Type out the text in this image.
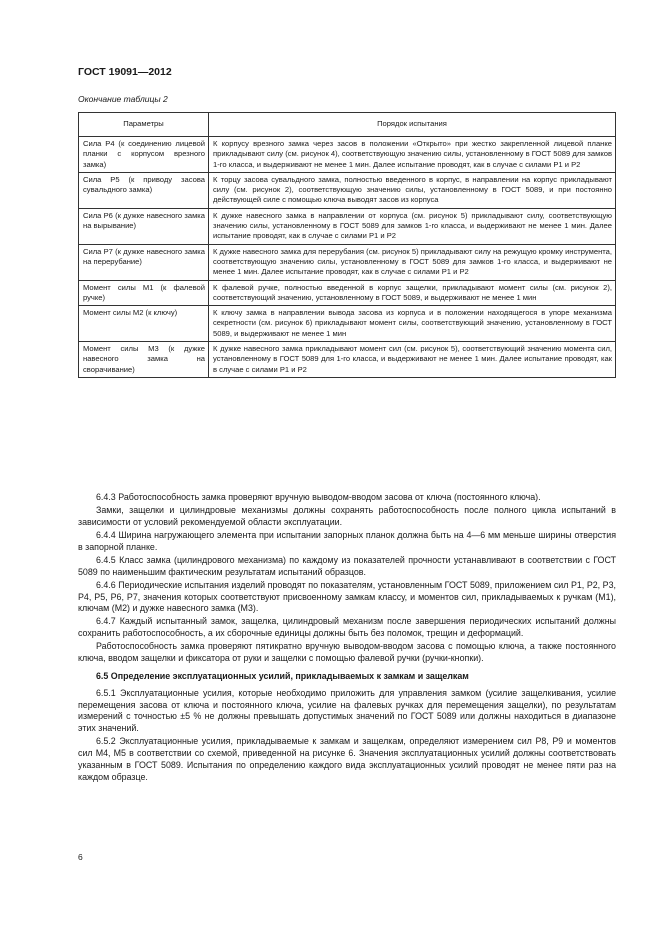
ГОСТ 19091—2012
Окончание таблицы 2
Параметры	Порядок испытания
Сила P4 (к соединению лицевой планки с корпусом врезного замка)	К корпусу врезного замка через засов в положении «Открыто» при жестко закрепленной лицевой планке прикладывают силу (см. рисунок 4), соответствующую значению силы, установленному в ГОСТ 5089 для замков 1-го класса, и выдерживают не менее 1 мин. Далее испытание проводят, как в случае с силами P1 и P2
Сила P5 (к приводу засова сувальдного замка)	К торцу засова сувальдного замка, полностью введенного в корпус, в направлении на корпус прикладывают силу (см. рисунок 2), соответствующую значению силы, установленному в ГОСТ 5089, и при постоянно действующей силе с помощью ключа выводят засов из корпуса
Сила P6 (к дужке навесного замка на вырывание)	К дужке навесного замка в направлении от корпуса (см. рисунок 5) прикладывают силу, соответствующую значению силы, установленному в ГОСТ 5089 для замков 1-го класса, и выдерживают не менее 1 мин. Далее испытание проводят, как в случае с силами P1 и P2
Сила P7 (к дужке навесного замка на перерубание)	К дужке навесного замка для перерубания (см. рисунок 5) прикладывают силу на режущую кромку инструмента, соответствующую значению силы, установленному в ГОСТ 5089 для замков 1-го класса, и выдерживают не менее 1 мин. Далее испытание проводят, как в случае с силами P1 и P2
Момент силы M1 (к фалевой ручке)	К фалевой ручке, полностью введенной в корпус защелки, прикладывают момент силы (см. рисунок 2), соответствующий значению, установленному в ГОСТ 5089, и выдерживают не менее 1 мин
Момент силы M2 (к ключу)	К ключу замка в направлении вывода засова из корпуса и в положении находящегося в упоре механизма секретности (см. рисунок 6) прикладывают момент силы, соответствующий значению, установленному в ГОСТ 5089, и выдерживают не менее 1 мин
Момент силы M3 (к дужке навесного замка на сворачивание)	К дужке навесного замка прикладывают момент сил (см. рисунок 5), соответствующий значению момента сил, установленному в ГОСТ 5089 для 1-го класса, и выдерживают не менее 1 мин. Далее испытание проводят, как в случае с силами P1 и P2

6.4.3 Работоспособность замка проверяют вручную выводом-вводом засова от ключа (постоянного ключа).

Замки, защелки и цилиндровые механизмы должны сохранять работоспособность после полного цикла испытаний в зависимости от условий рекомендуемой области эксплуатации.

6.4.4 Ширина нагружающего элемента при испытании запорных планок должна быть на 4—6 мм меньше ширины отверстия в запорной планке.

6.4.5 Класс замка (цилиндрового механизма) по каждому из показателей прочности устанавливают в соответствии с ГОСТ 5089 по наименьшим фактическим результатам испытаний образцов.

6.4.6 Периодические испытания изделий проводят по показателям, установленным ГОСТ 5089, приложением сил P1, P2, P3, P4, P5, P6, P7, значения которых соответствуют присвоенному замкам класcу, и моментов сил, прикладываемых к ручкам (M1), ключам (M2) и дужке навесного замка (M3).

6.4.7 Каждый испытанный замок, защелка, цилиндровый механизм после завершения периодических испытаний должны сохранить работоспособность, а их сборочные единицы должны быть без поломок, трещин и деформаций.

Работоспособность замка проверяют пятикратно вручную выводом-вводом засова с помощью ключа, а также постоянного ключа, вводом защелки и фиксатора от руки и защелки с помощью фалевой ручки (ручки-кнопки).

6.5 Определение эксплуатационных усилий, прикладываемых к замкам и защелкам

6.5.1 Эксплуатационные усилия, которые необходимо приложить для управления замком (усилие защелкивания, усилие перемещения засова от ключа и постоянного ключа, усилие на фалевых ручках для перемещения защелки), по результатам измерений с точностью ±5 % не должны превышать допустимых значений по ГОСТ 5089 или должны находиться в диапазоне этих значений.

6.5.2 Эксплуатационные усилия, прикладываемые к замкам и защелкам, определяют измерением сил P8, P9 и моментов сил M4, M5 в соответствии со схемой, приведенной на рисунке 6. Значения эксплуатационных усилий должны соответствовать указанным в ГОСТ 5089. Испытания по определению каждого вида эксплуатационных усилий проводят не менее пяти раз на каждом образце.

6
